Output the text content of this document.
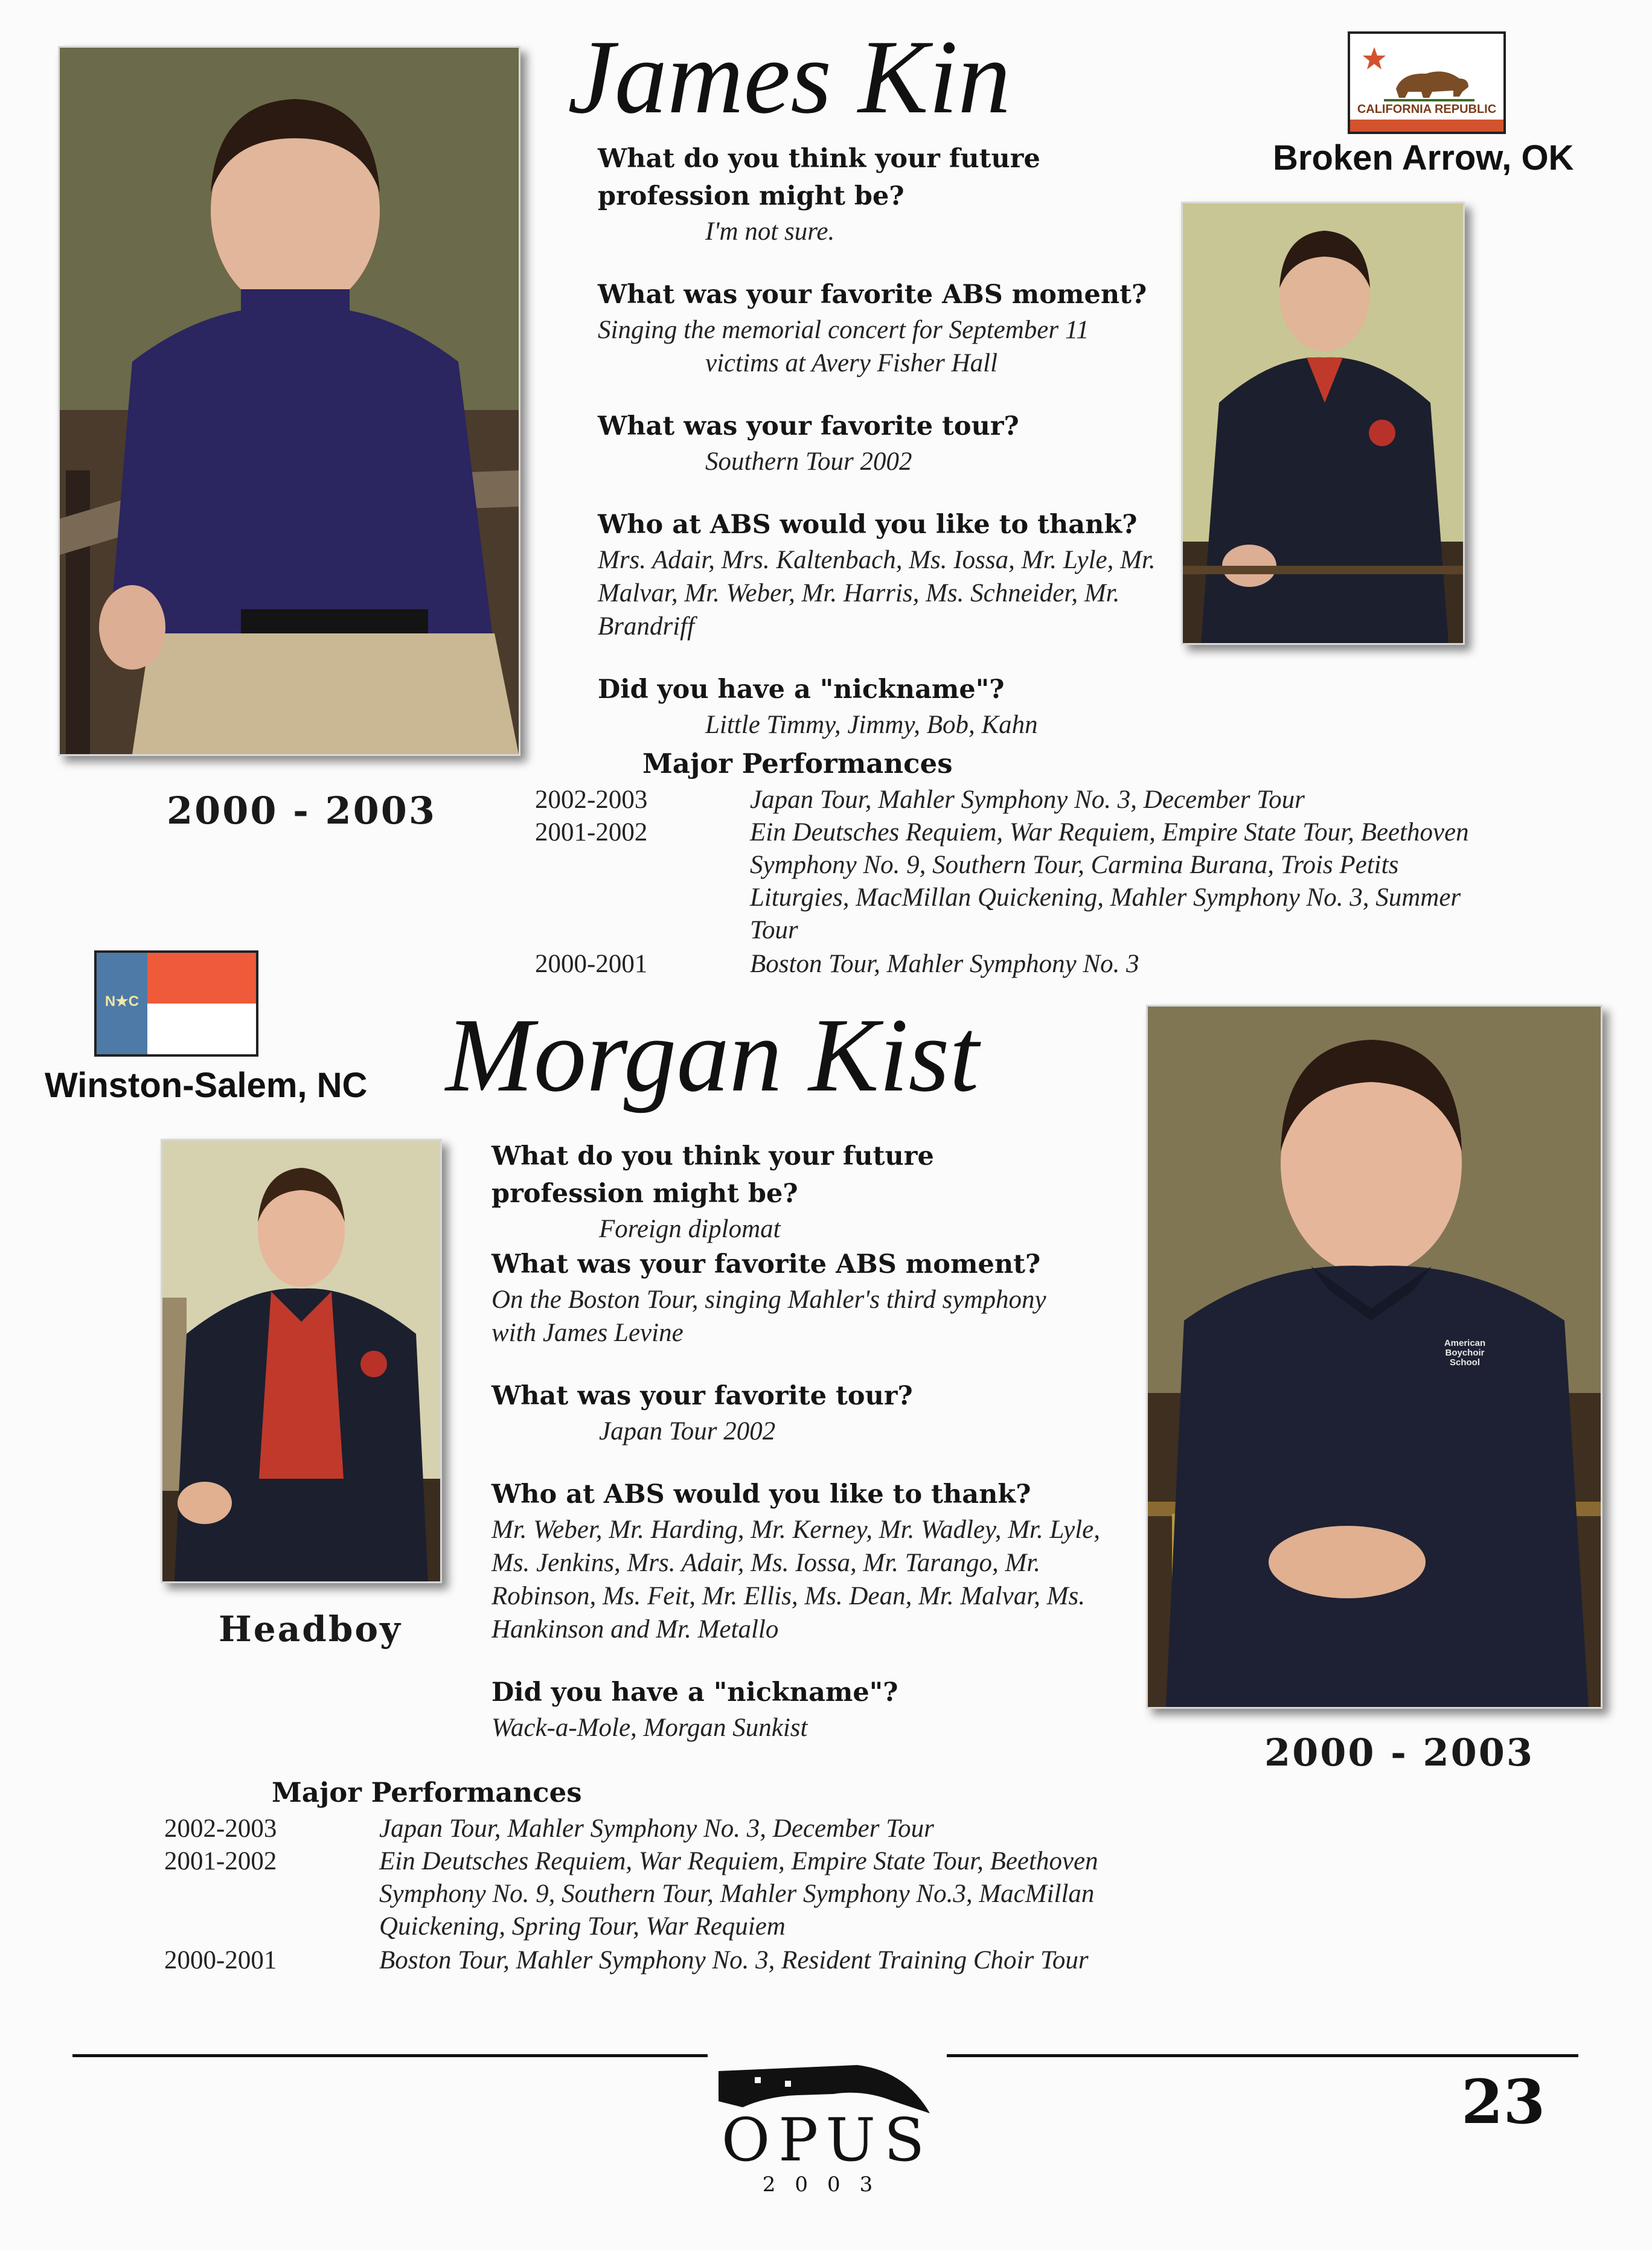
James Kin
What do you think your future profession might be?
I'm not sure.
What was your favorite ABS moment?
Singing the memorial concert for September 11
victims at Avery Fisher Hall
What was your favorite tour?
Southern Tour 2002
Who at ABS would you like to thank?
Mrs. Adair, Mrs. Kaltenbach, Ms. Iossa, Mr. Lyle, Mr. Malvar, Mr. Weber, Mr. Harris, Ms. Schneider, Mr. Brandriff
Did you have a "nickname"?
Little Timmy, Jimmy, Bob, Kahn
CALIFORNIA REPUBLIC
Broken Arrow, OK
2000 - 2003
Major Performances
2002-2003	Japan Tour, Mahler Symphony No. 3, December Tour
2001-2002	Ein Deutsches Requiem, War Requiem, Empire State Tour, Beethoven Symphony No. 9, Southern Tour, Carmina Burana, Trois Petits Liturgies, MacMillan Quickening, Mahler Symphony No. 3, Summer Tour
2000-2001	Boston Tour, Mahler Symphony No. 3
N★C
Winston-Salem, NC Morgan Kist
Headboy
What do you think your future profession might be?
Foreign diplomat
What was your favorite ABS moment?
On the Boston Tour, singing Mahler's third symphony with James Levine
What was your favorite tour?
Japan Tour 2002
Who at ABS would you like to thank?
Mr. Weber, Mr. Harding, Mr. Kerney, Mr. Wadley, Mr. Lyle, Ms. Jenkins, Mrs. Adair, Ms. Iossa, Mr. Tarango, Mr. Robinson, Ms. Feit, Mr. Ellis, Ms. Dean, Mr. Malvar, Ms. Hankinson and Mr. Metallo
Did you have a "nickname"?
Wack-a-Mole, Morgan Sunkist
American Boychoir School
2000 - 2003
Major Performances
2002-2003	Japan Tour, Mahler Symphony No. 3, December Tour
2001-2002	Ein Deutsches Requiem, War Requiem, Empire State Tour, Beethoven Symphony No. 9, Southern Tour, Mahler Symphony No.3, MacMillan Quickening, Spring Tour, War Requiem
2000-2001	Boston Tour, Mahler Symphony No. 3, Resident Training Choir Tour
OPUS
2003
23
